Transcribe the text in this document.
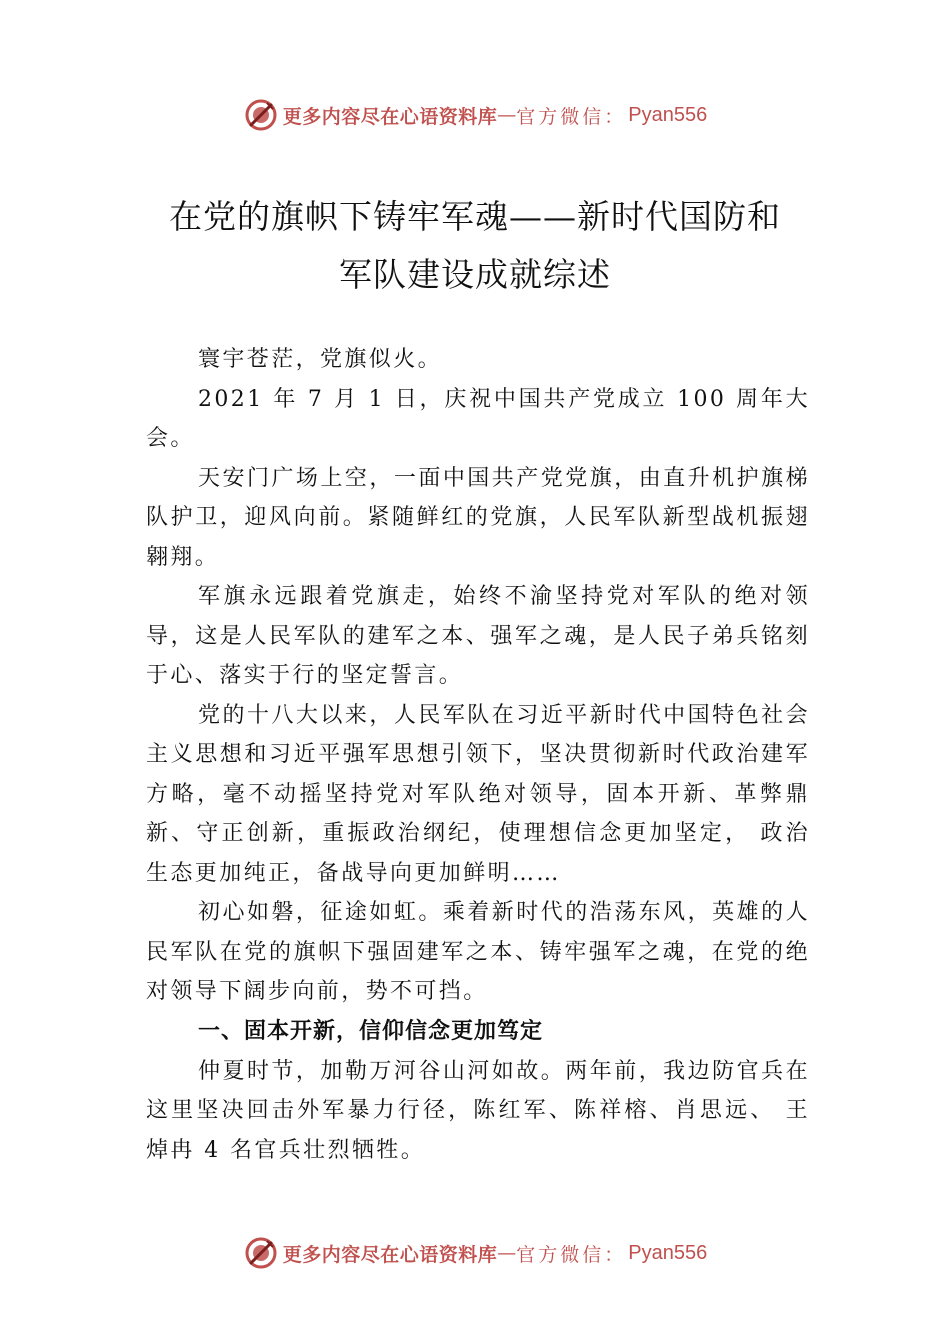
更多内容尽在心语资料库 — 官方微信： Pyan556
在党的旗帜下铸牢军魂——新时代国防和
军队建设成就综述

寰宇苍茫，党旗似火。

2021 年 7 月 1 日，庆祝中国共产党成立 100 周年大会。

天安门广场上空，一面中国共产党党旗，由直升机护旗梯队护卫，迎风向前。紧随鲜红的党旗，人民军队新型战机振翅翱翔。

军旗永远跟着党旗走，始终不渝坚持党对军队的绝对领导，这是人民军队的建军之本、强军之魂，是人民子弟兵铭刻于心、落实于行的坚定誓言。

党的十八大以来，人民军队在习近平新时代中国特色社会主义思想和习近平强军思想引领下，坚决贯彻新时代政治建军方略，毫不动摇坚持党对军队绝对领导，固本开新、革弊鼎新、守正创新，重振政治纲纪，使理想信念更加坚定， 政治生态更加纯正，备战导向更加鲜明……

初心如磐，征途如虹。乘着新时代的浩荡东风，英雄的人民军队在党的旗帜下强固建军之本、铸牢强军之魂，在党的绝对领导下阔步向前，势不可挡。

一、固本开新，信仰信念更加笃定

仲夏时节，加勒万河谷山河如故。两年前，我边防官兵在这里坚决回击外军暴力行径，陈红军、陈祥榕、肖思远、 王焯冉 4 名官兵壮烈牺牲。

更多内容尽在心语资料库 — 官方微信： Pyan556
